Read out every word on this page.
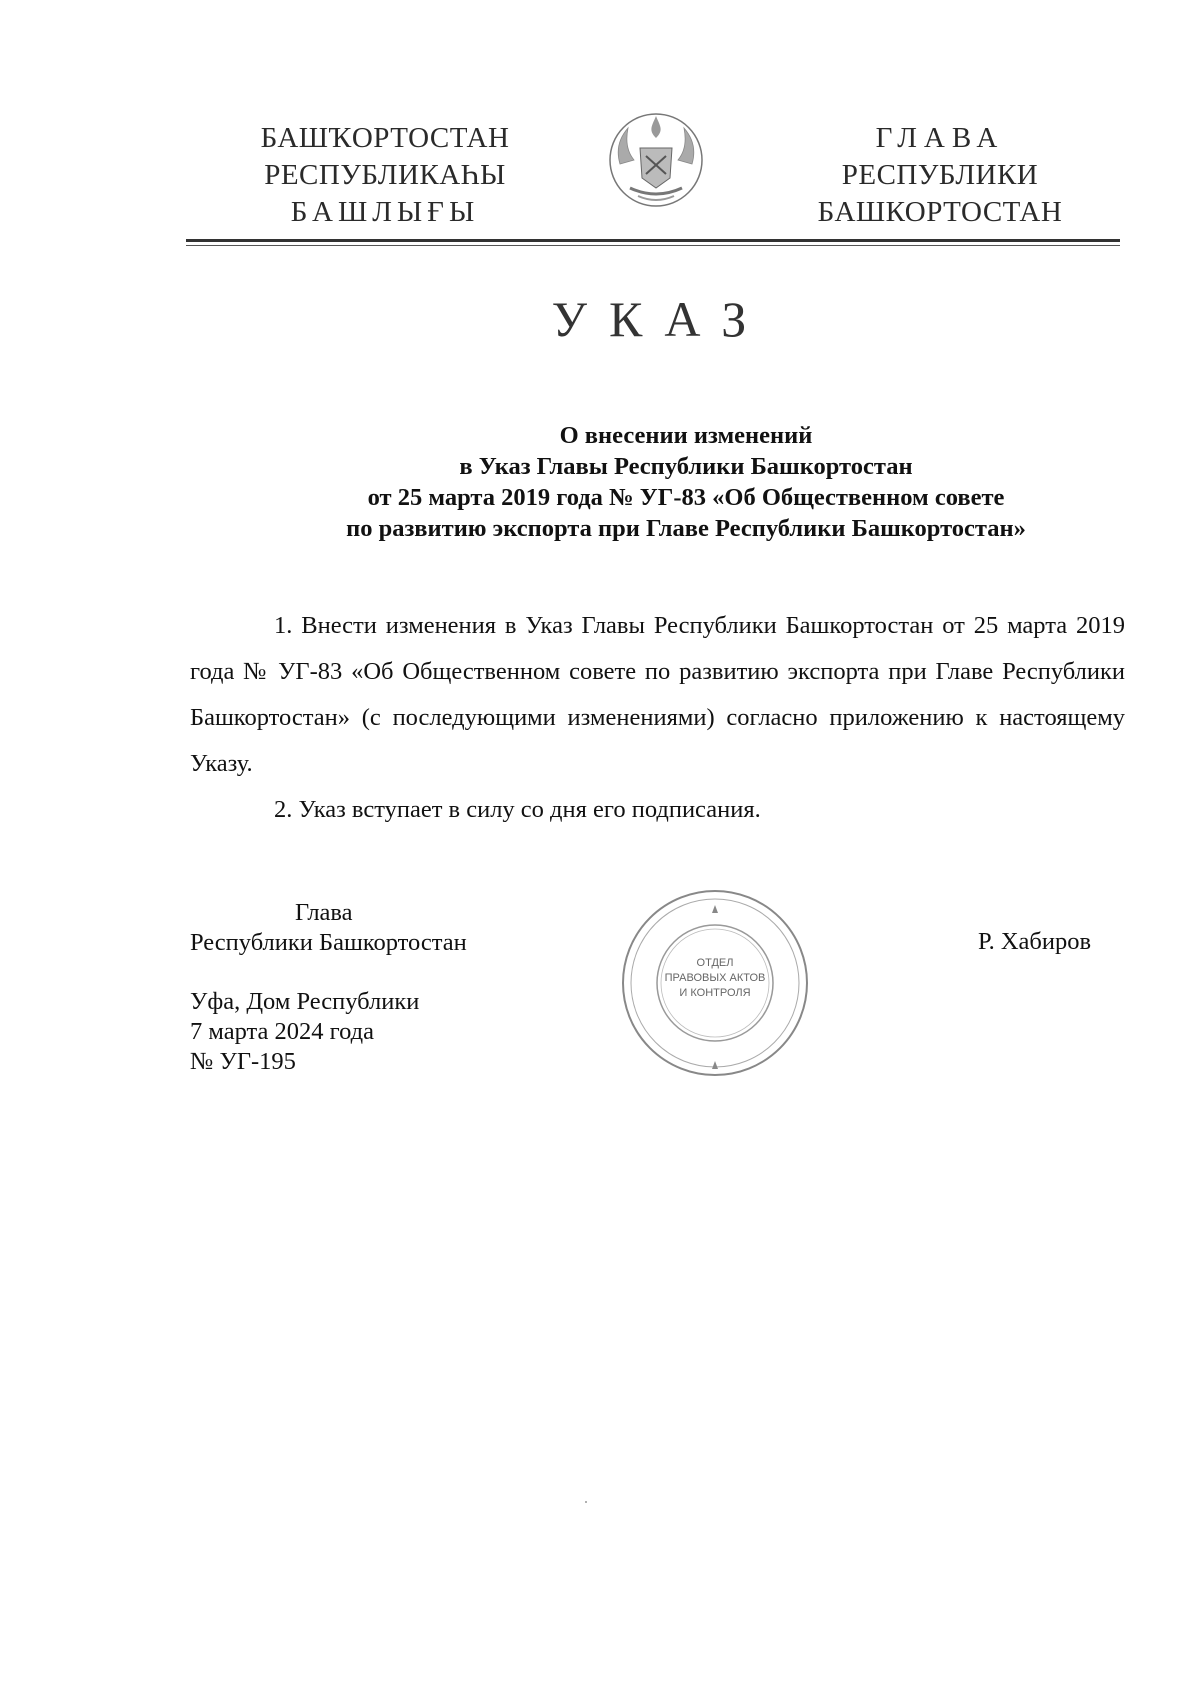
БАШҠОРТОСТАН
РЕСПУБЛИКАҺЫ
БАШЛЫҒЫ
ГЛАВА
РЕСПУБЛИКИ
БАШКОРТОСТАН
УКАЗ
О внесении изменений
в Указ Главы Республики Башкортостан
от 25 марта 2019 года № УГ-83 «Об Общественном совете
по развитию экспорта при Главе Республики Башкортостан»

1. Внести изменения в Указ Главы Республики Башкортостан от 25 марта 2019 года № УГ-83 «Об Общественном совете по развитию экспорта при Главе Республики Башкортостан» (с последующими изменениями) согласно приложению к настоящему Указу.

2. Указ вступает в силу со дня его подписания.

Глава
Республики Башкортостан
ОТДЕЛ
ПРАВОВЫХ АКТОВ
И КОНТРОЛЯ
Р. Хабиров
Уфа, Дом Республики
7 марта 2024 года
№ УГ-195
